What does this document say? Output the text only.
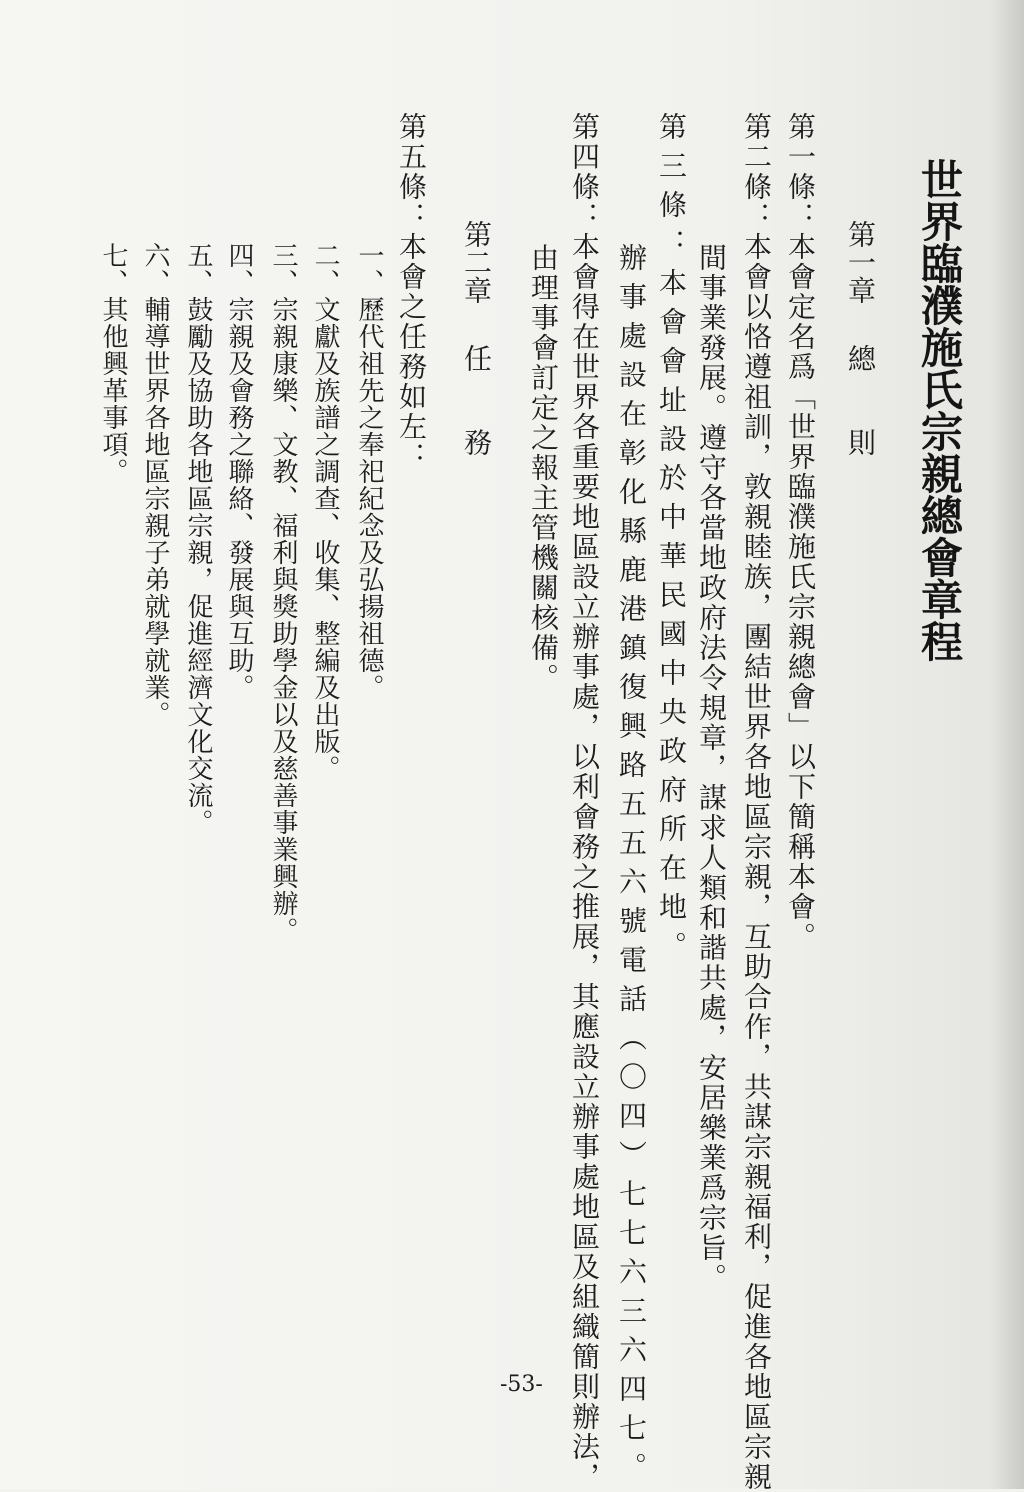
世界臨濮施氏宗親總會章程
第一章總　　則

第一條：本會定名爲「世界臨濮施氏宗親總會」以下簡稱本會。

第二條：本會以恪遵祖訓，敦親睦族，團結世界各地區宗親，互助合作，共謀宗親福利，促進各地區宗親

間事業發展。遵守各當地政府法令規章，謀求人類和諧共處，安居樂業爲宗旨。

第三條：本會會址設於中華民國中央政府所在地。

辦事處設在彰化縣鹿港鎮復興路五五六號電話（〇四）七七六三六四七。

第四條：本會得在世界各重要地區設立辦事處，以利會務之推展，其應設立辦事處地區及組織簡則辦法，

由理事會訂定之報主管機關核備。

第二章任　　務

第五條：本會之任務如左：

一、歷代祖先之奉祀紀念及弘揚祖德。

二、文獻及族譜之調查、收集、整編及出版。

三、宗親康樂、文教、福利與獎助學金以及慈善事業興辦。

四、宗親及會務之聯絡、發展與互助。

五、鼓勵及協助各地區宗親，促進經濟文化交流。

六、輔導世界各地區宗親子弟就學就業。

七、其他興革事項。

-53-
